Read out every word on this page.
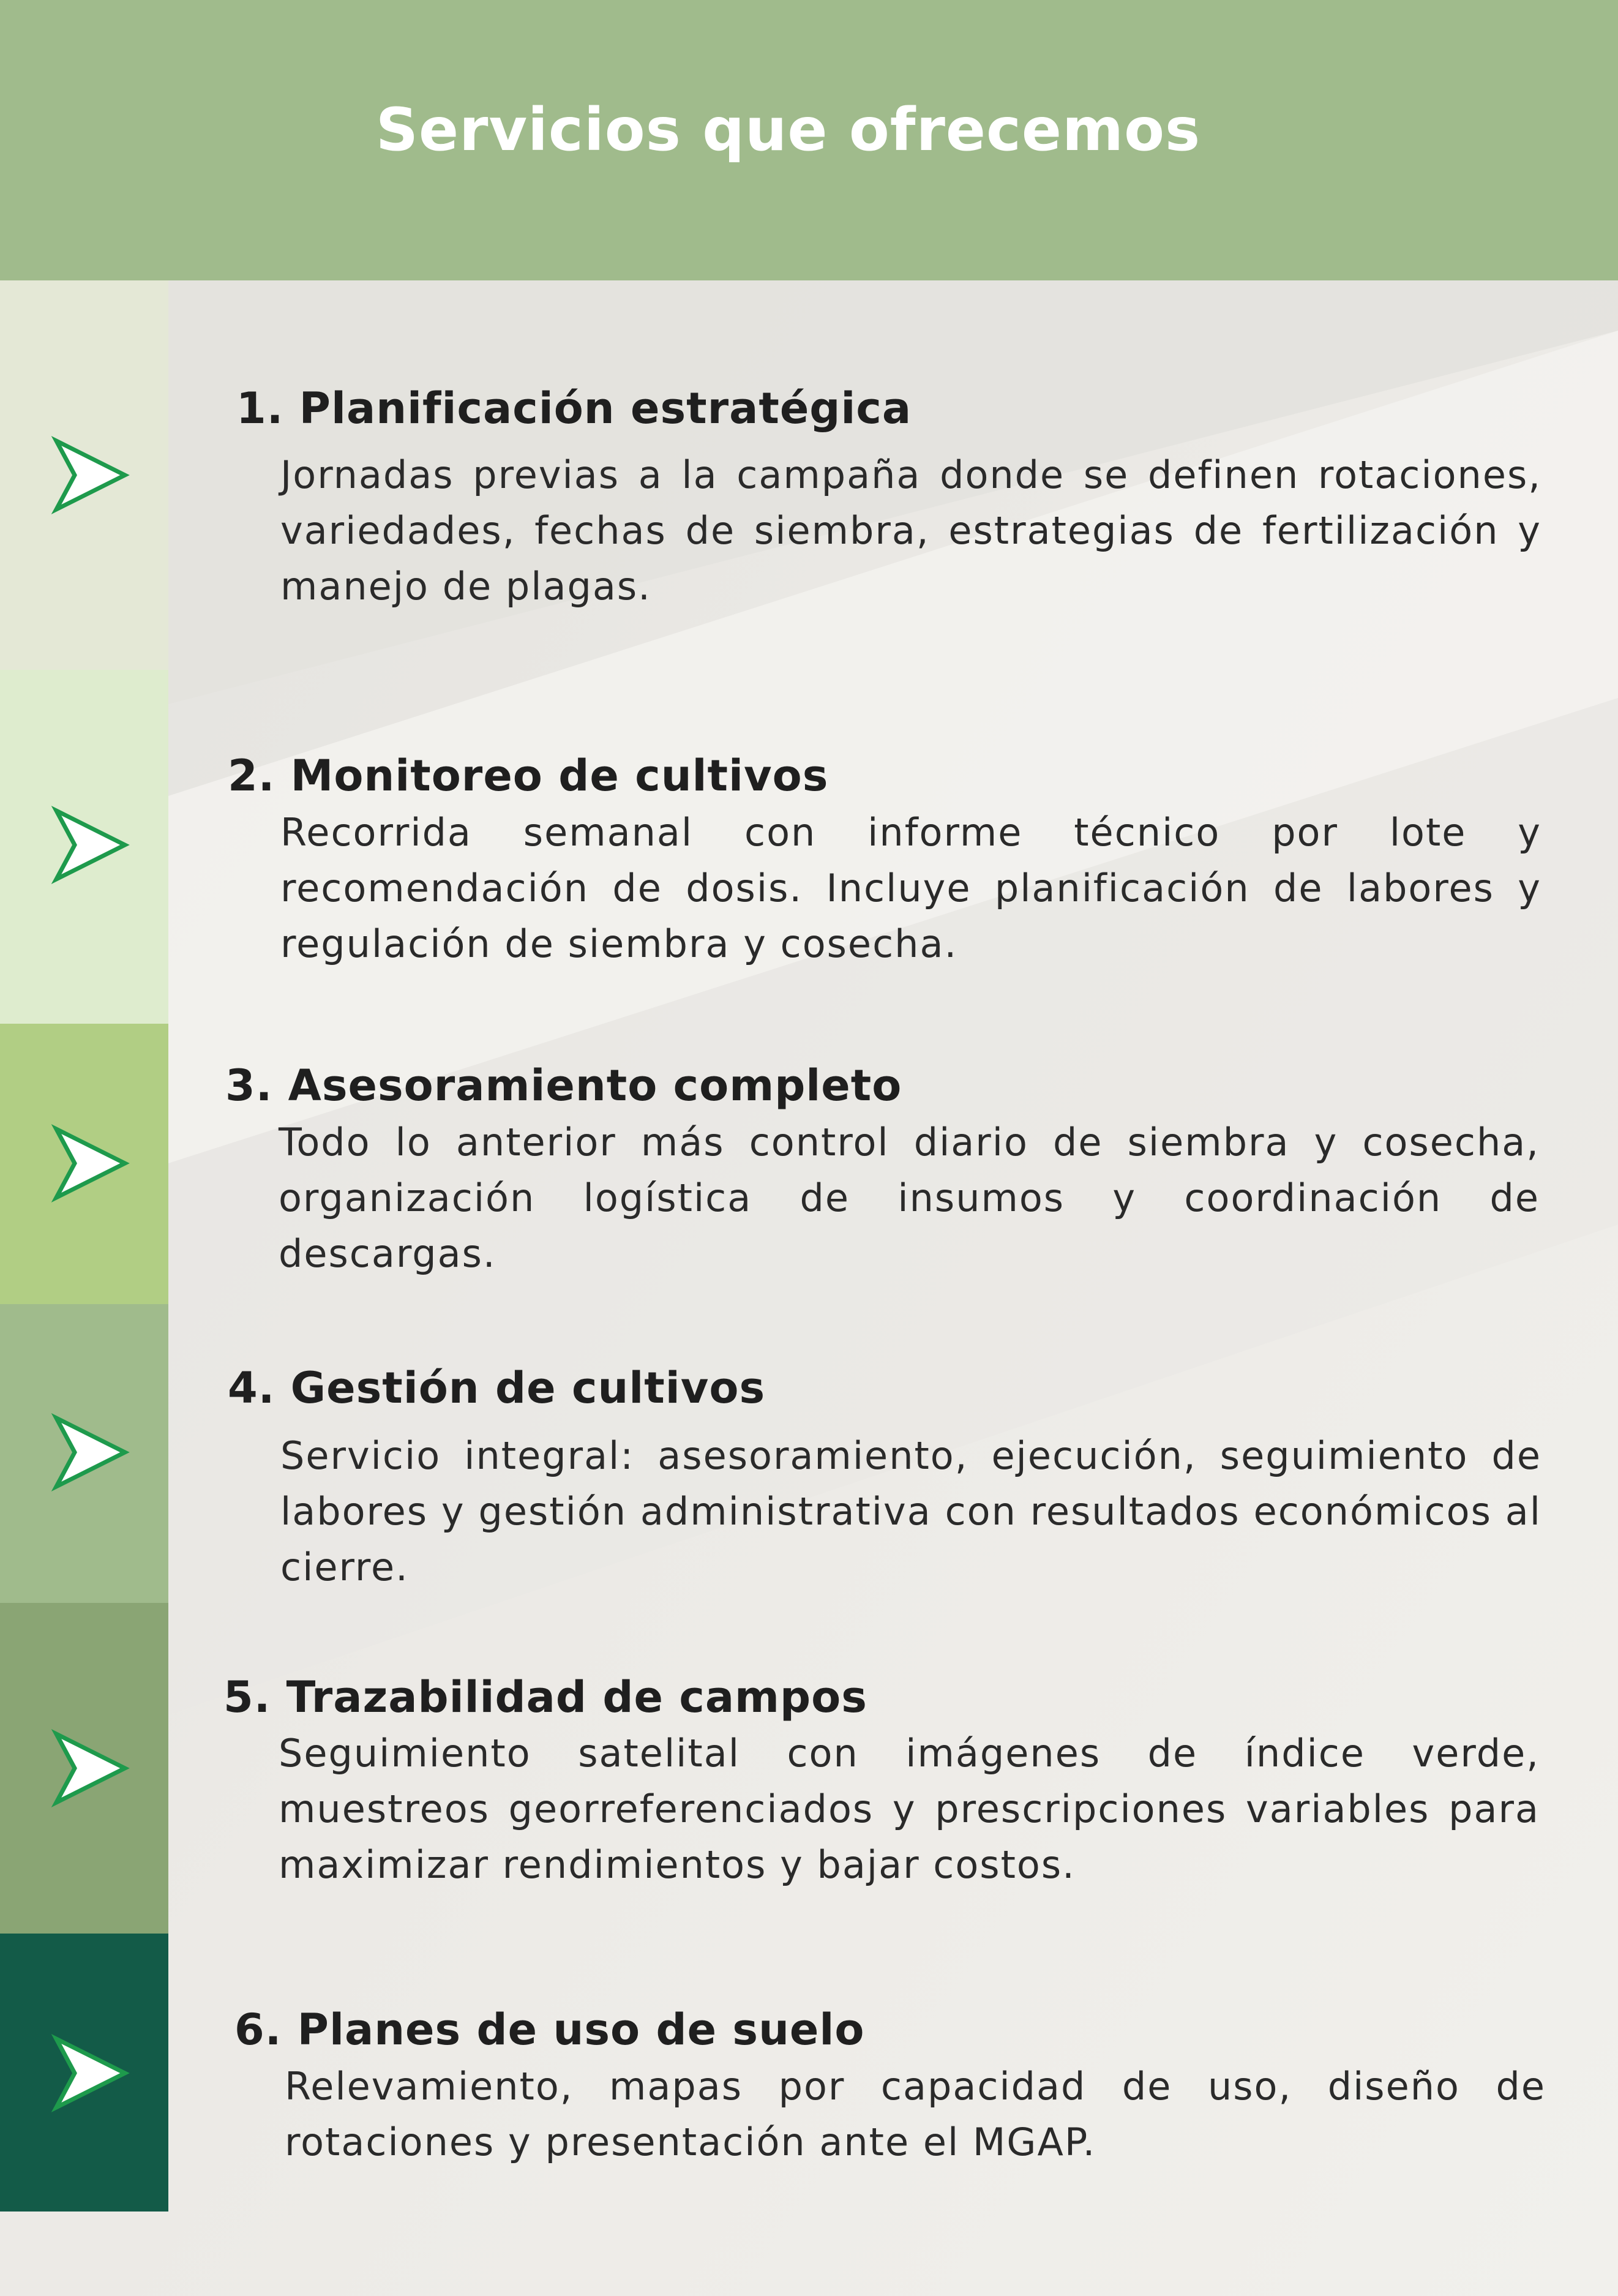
Servicios que ofrecemos
1. Planificación estratégica

Jornadas previas a la campaña donde se definen rotaciones, variedades, fechas de siembra, estrategias de fertilización y manejo de plagas.

2. Monitoreo de cultivos

Recorrida semanal con informe técnico por lote y recomendación de dosis. Incluye planificación de labores y regulación de siembra y cosecha.

3. Asesoramiento completo

Todo lo anterior más control diario de siembra y cosecha, organización logística de insumos y coordinación de descargas.

4. Gestión de cultivos

Servicio integral: asesoramiento, ejecución, seguimiento de labores y gestión administrativa con resultados económicos al cierre.

5. Trazabilidad de campos

Seguimiento satelital con imágenes de índice verde, muestreos georreferenciados y prescripciones variables para maximizar rendimientos y bajar costos.

6. Planes de uso de suelo

Relevamiento, mapas por capacidad de uso, diseño de rotaciones y presentación ante el MGAP.
